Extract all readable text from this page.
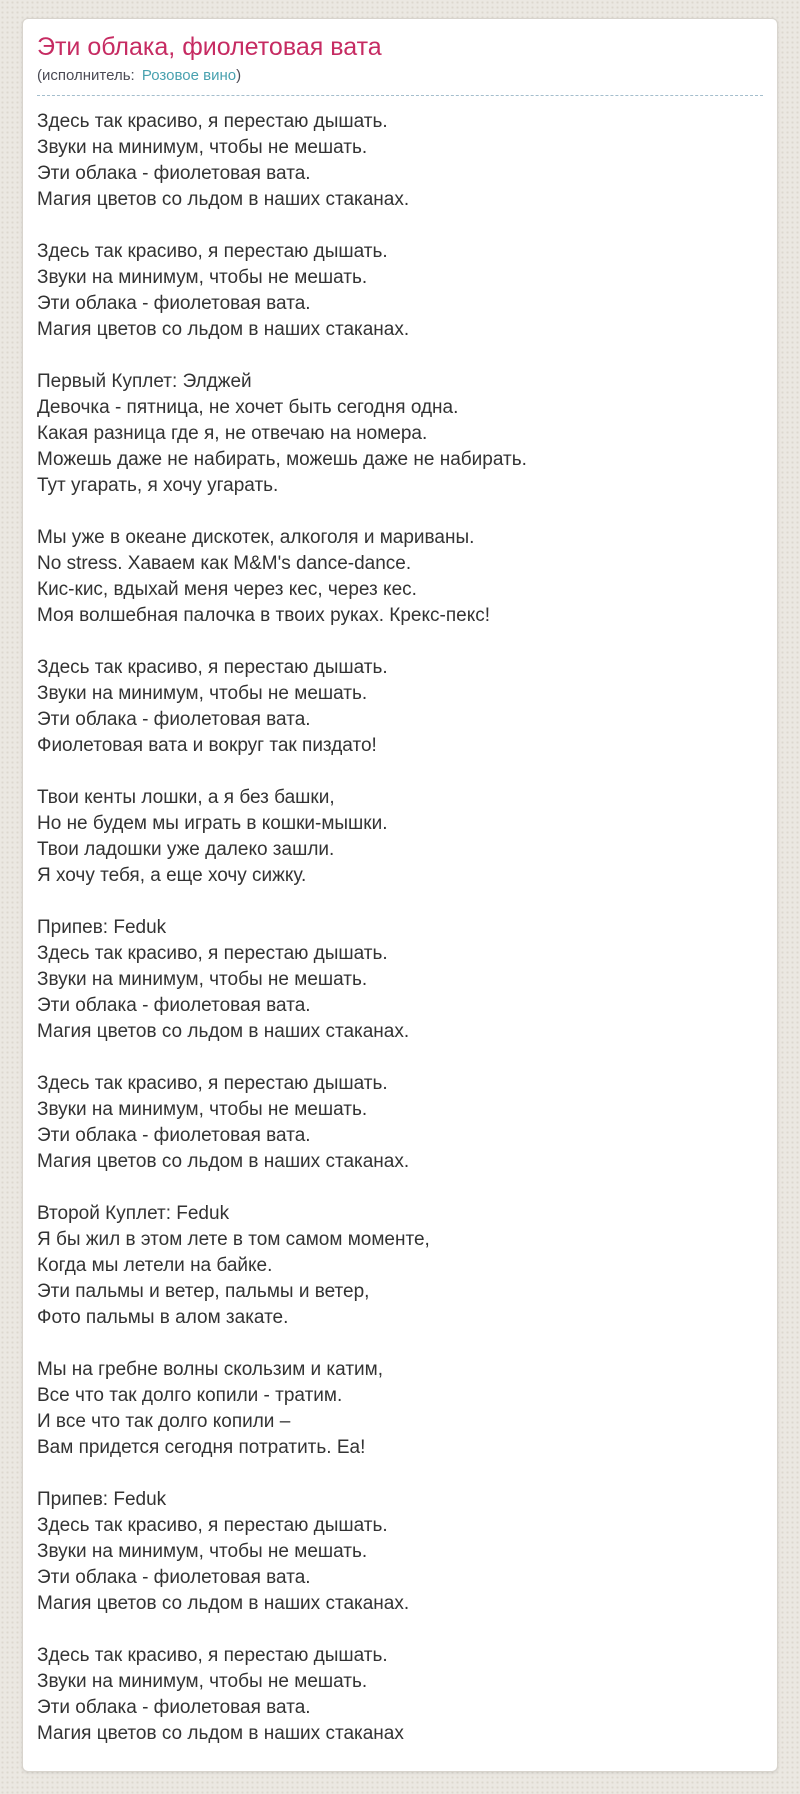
Эти облака, фиолетовая вата
(исполнитель: Розовое вино)

Здесь так красиво, я перестаю дышать.
Звуки на минимум, чтобы не мешать.
Эти облака - фиолетовая вата.
Магия цветов со льдом в наших стаканах.

Здесь так красиво, я перестаю дышать.
Звуки на минимум, чтобы не мешать.
Эти облака - фиолетовая вата.
Магия цветов со льдом в наших стаканах.

Первый Куплет: Элджей
Девочка - пятница, не хочет быть сегодня одна.
Какая разница где я, не отвечаю на номера.
Можешь даже не набирать, можешь даже не набирать.
Тут угарать, я хочу угарать.

Мы уже в океане дискотек, алкоголя и мариваны.
No stress. Хаваем как M&M's dance-dance.
Кис-кис, вдыхай меня через кес, через кес.
Моя волшебная палочка в твоих руках. Крекс-пекс!

Здесь так красиво, я перестаю дышать.
Звуки на минимум, чтобы не мешать.
Эти облака - фиолетовая вата.
Фиолетовая вата и вокруг так пиздато!

Твои кенты лошки, а я без башки,
Но не будем мы играть в кошки-мышки.
Твои ладошки уже далеко зашли.
Я хочу тебя, а еще хочу сижку.

Припев: Feduk
Здесь так красиво, я перестаю дышать.
Звуки на минимум, чтобы не мешать.
Эти облака - фиолетовая вата.
Магия цветов со льдом в наших стаканах.

Здесь так красиво, я перестаю дышать.
Звуки на минимум, чтобы не мешать.
Эти облака - фиолетовая вата.
Магия цветов со льдом в наших стаканах.

Второй Куплет: Feduk
Я бы жил в этом лете в том самом моменте,
Когда мы летели на байке.
Эти пальмы и ветер, пальмы и ветер,
Фото пальмы в алом закате.

Мы на гребне волны скользим и катим,
Все что так долго копили - тратим.
И все что так долго копили –
Вам придется сегодня потратить. Еа!

Припев: Feduk
Здесь так красиво, я перестаю дышать.
Звуки на минимум, чтобы не мешать.
Эти облака - фиолетовая вата.
Магия цветов со льдом в наших стаканах.

Здесь так красиво, я перестаю дышать.
Звуки на минимум, чтобы не мешать.
Эти облака - фиолетовая вата.
Магия цветов со льдом в наших стаканах
